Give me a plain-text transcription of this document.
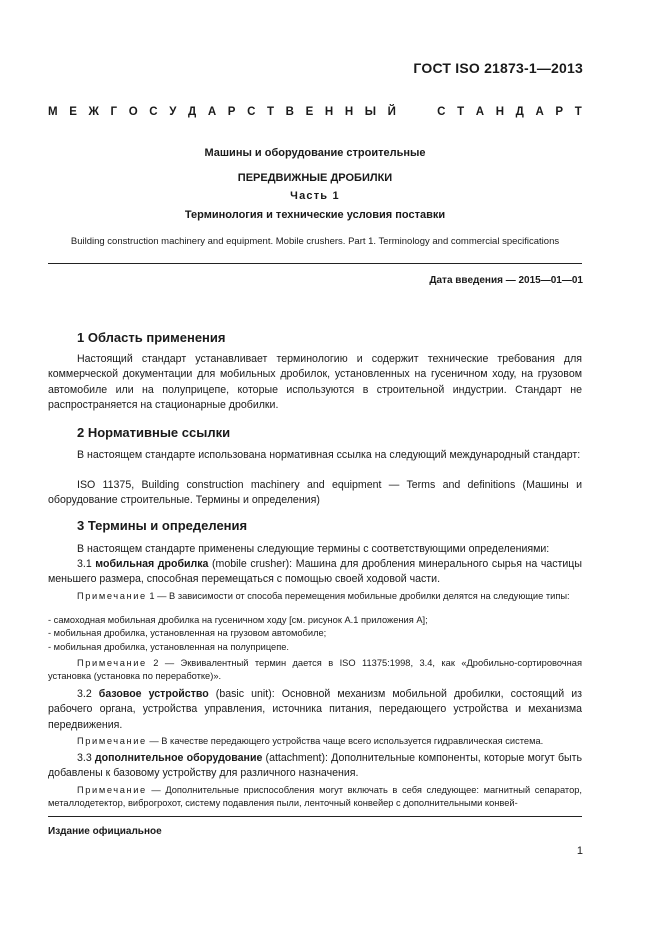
ГОСТ ISO 21873-1—2013
М Е Ж Г О С У Д А Р С Т В Е Н Н Ы Й	С Т А Н Д А Р Т
Машины и оборудование строительные
ПЕРЕДВИЖНЫЕ ДРОБИЛКИ
Часть 1
Терминология и технические условия поставки
Building construction machinery and equipment. Mobile crushers. Part 1. Terminology and commercial specifications
Дата введения — 2015—01—01
1 Область применения

Настоящий стандарт устанавливает терминологию и содержит технические требования для коммерческой документации для мобильных дробилок, установленных на гусеничном ходу, на грузовом автомобиле или на полуприцепе, которые используются в строительной индустрии. Стандарт не распространяется на стационарные дробилки.

2 Нормативные ссылки

В настоящем стандарте использована нормативная ссылка на следующий международный стандарт:

ISO 11375, Building construction machinery and equipment — Terms and definitions (Машины и оборудование строительные. Термины и определения)

3 Термины и определения

В настоящем стандарте применены следующие термины с соответствующими определениями:

3.1 мобильная дробилка (mobile crusher): Машина для дробления минерального сырья на частицы меньшего размера, способная перемещаться с помощью своей ходовой части.

Примечание 1 — В зависимости от способа перемещения мобильные дробилки делятся на следующие типы:

- самоходная мобильная дробилка на гусеничном ходу [см. рисунок А.1 приложения А];
- мобильная дробилка, установленная на грузовом автомобиле;
- мобильная дробилка, установленная на полуприцепе.

Примечание 2 — Эквивалентный термин дается в ISO 11375:1998, 3.4, как «Дробильно-сортировочная установка (установка по переработке)».

3.2 базовое устройство (basic unit): Основной механизм мобильной дробилки, состоящий из рабочего органа, устройства управления, источника питания, передающего устройства и механизма передвижения.

Примечание — В качестве передающего устройства чаще всего используется гидравлическая система.

3.3 дополнительное оборудование (attachment): Дополнительные компоненты, которые могут быть добавлены к базовому устройству для различного назначения.

Примечание — Дополнительные приспособления могут включать в себя следующее: магнитный сепаратор, металлодетектор, виброгрохот, систему подавления пыли, ленточный конвейер с дополнительными конвей-

Издание официальное
1
